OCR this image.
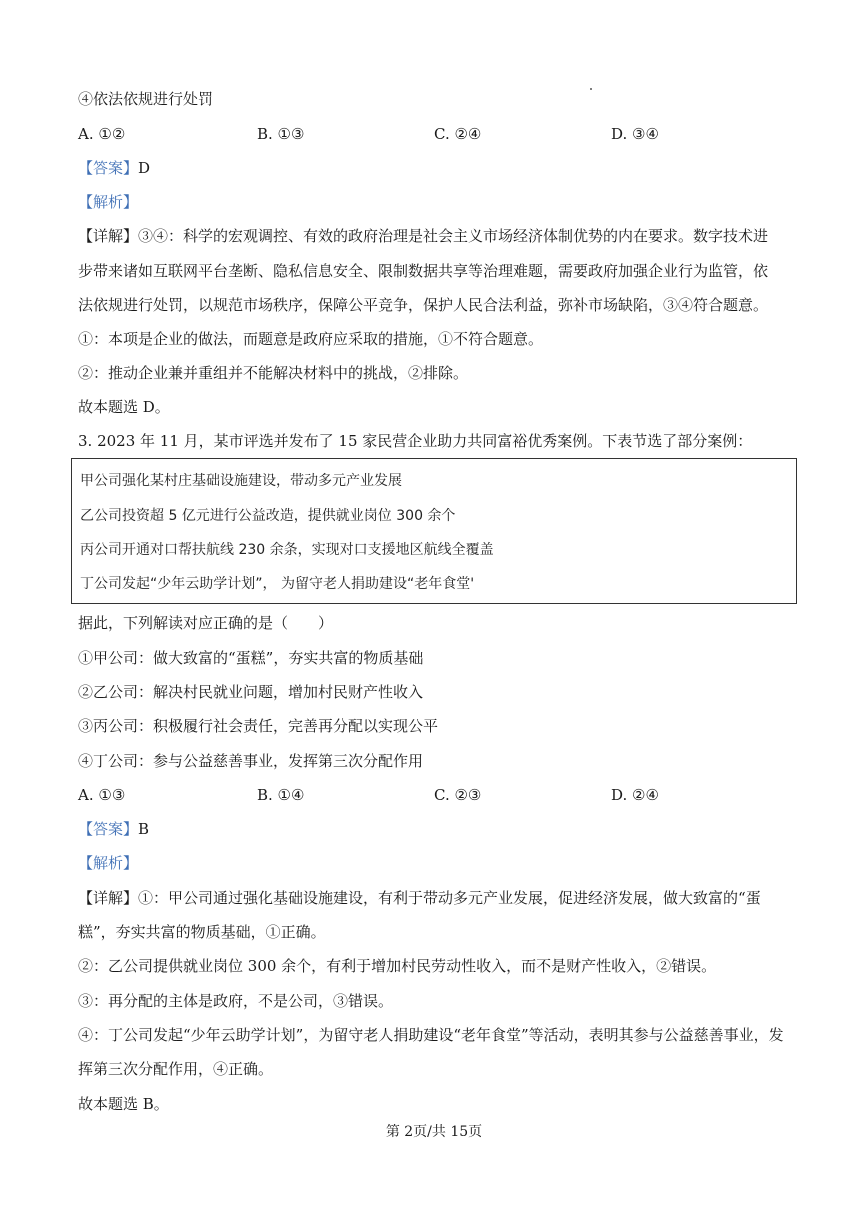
④依法依规进行处罚
A. ①②	B. ①③	C. ②④	D. ③④
【答案】D
【解析】
【详解】③④：科学的宏观调控、有效的政府治理是社会主义市场经济体制优势的内在要求。数字技术进
步带来诸如互联网平台垄断、隐私信息安全、限制数据共享等治理难题，需要政府加强企业行为监管，依
法依规进行处罚，以规范市场秩序，保障公平竞争，保护人民合法利益，弥补市场缺陷，③④符合题意。
①：本项是企业的做法，而题意是政府应采取的措施，①不符合题意。
②：推动企业兼并重组并不能解决材料中的挑战，②排除。
故本题选 D。
3. 2023 年 11 月，某市评选并发布了 15 家民营企业助力共同富裕优秀案例。下表节选了部分案例：
甲公司强化某村庄基础设施建设，带动多元产业发展
乙公司投资超 5 亿元进行公益改造，提供就业岗位 300 余个
丙公司开通对口帮扶航线 230 余条，实现对口支援地区航线全覆盖
丁公司发起“少年云助学计划”， 为留守老人捐助建设“老年食堂'
据此，下列解读对应正确的是（　　）
①甲公司：做大致富的“蛋糕”，夯实共富的物质基础
②乙公司：解决村民就业问题，增加村民财产性收入
③丙公司：积极履行社会责任，完善再分配以实现公平
④丁公司：参与公益慈善事业，发挥第三次分配作用
A. ①③	B. ①④	C. ②③	D. ②④
【答案】B
【解析】
【详解】①：甲公司通过强化基础设施建设，有利于带动多元产业发展，促进经济发展，做大致富的“蛋
糕”，夯实共富的物质基础，①正确。
②：乙公司提供就业岗位 300 余个，有利于增加村民劳动性收入，而不是财产性收入，②错误。
③：再分配的主体是政府，不是公司，③错误。
④：丁公司发起“少年云助学计划”，为留守老人捐助建设“老年食堂”等活动，表明其参与公益慈善事业，发
挥第三次分配作用，④正确。
故本题选 B。
第 2页/共 15页
